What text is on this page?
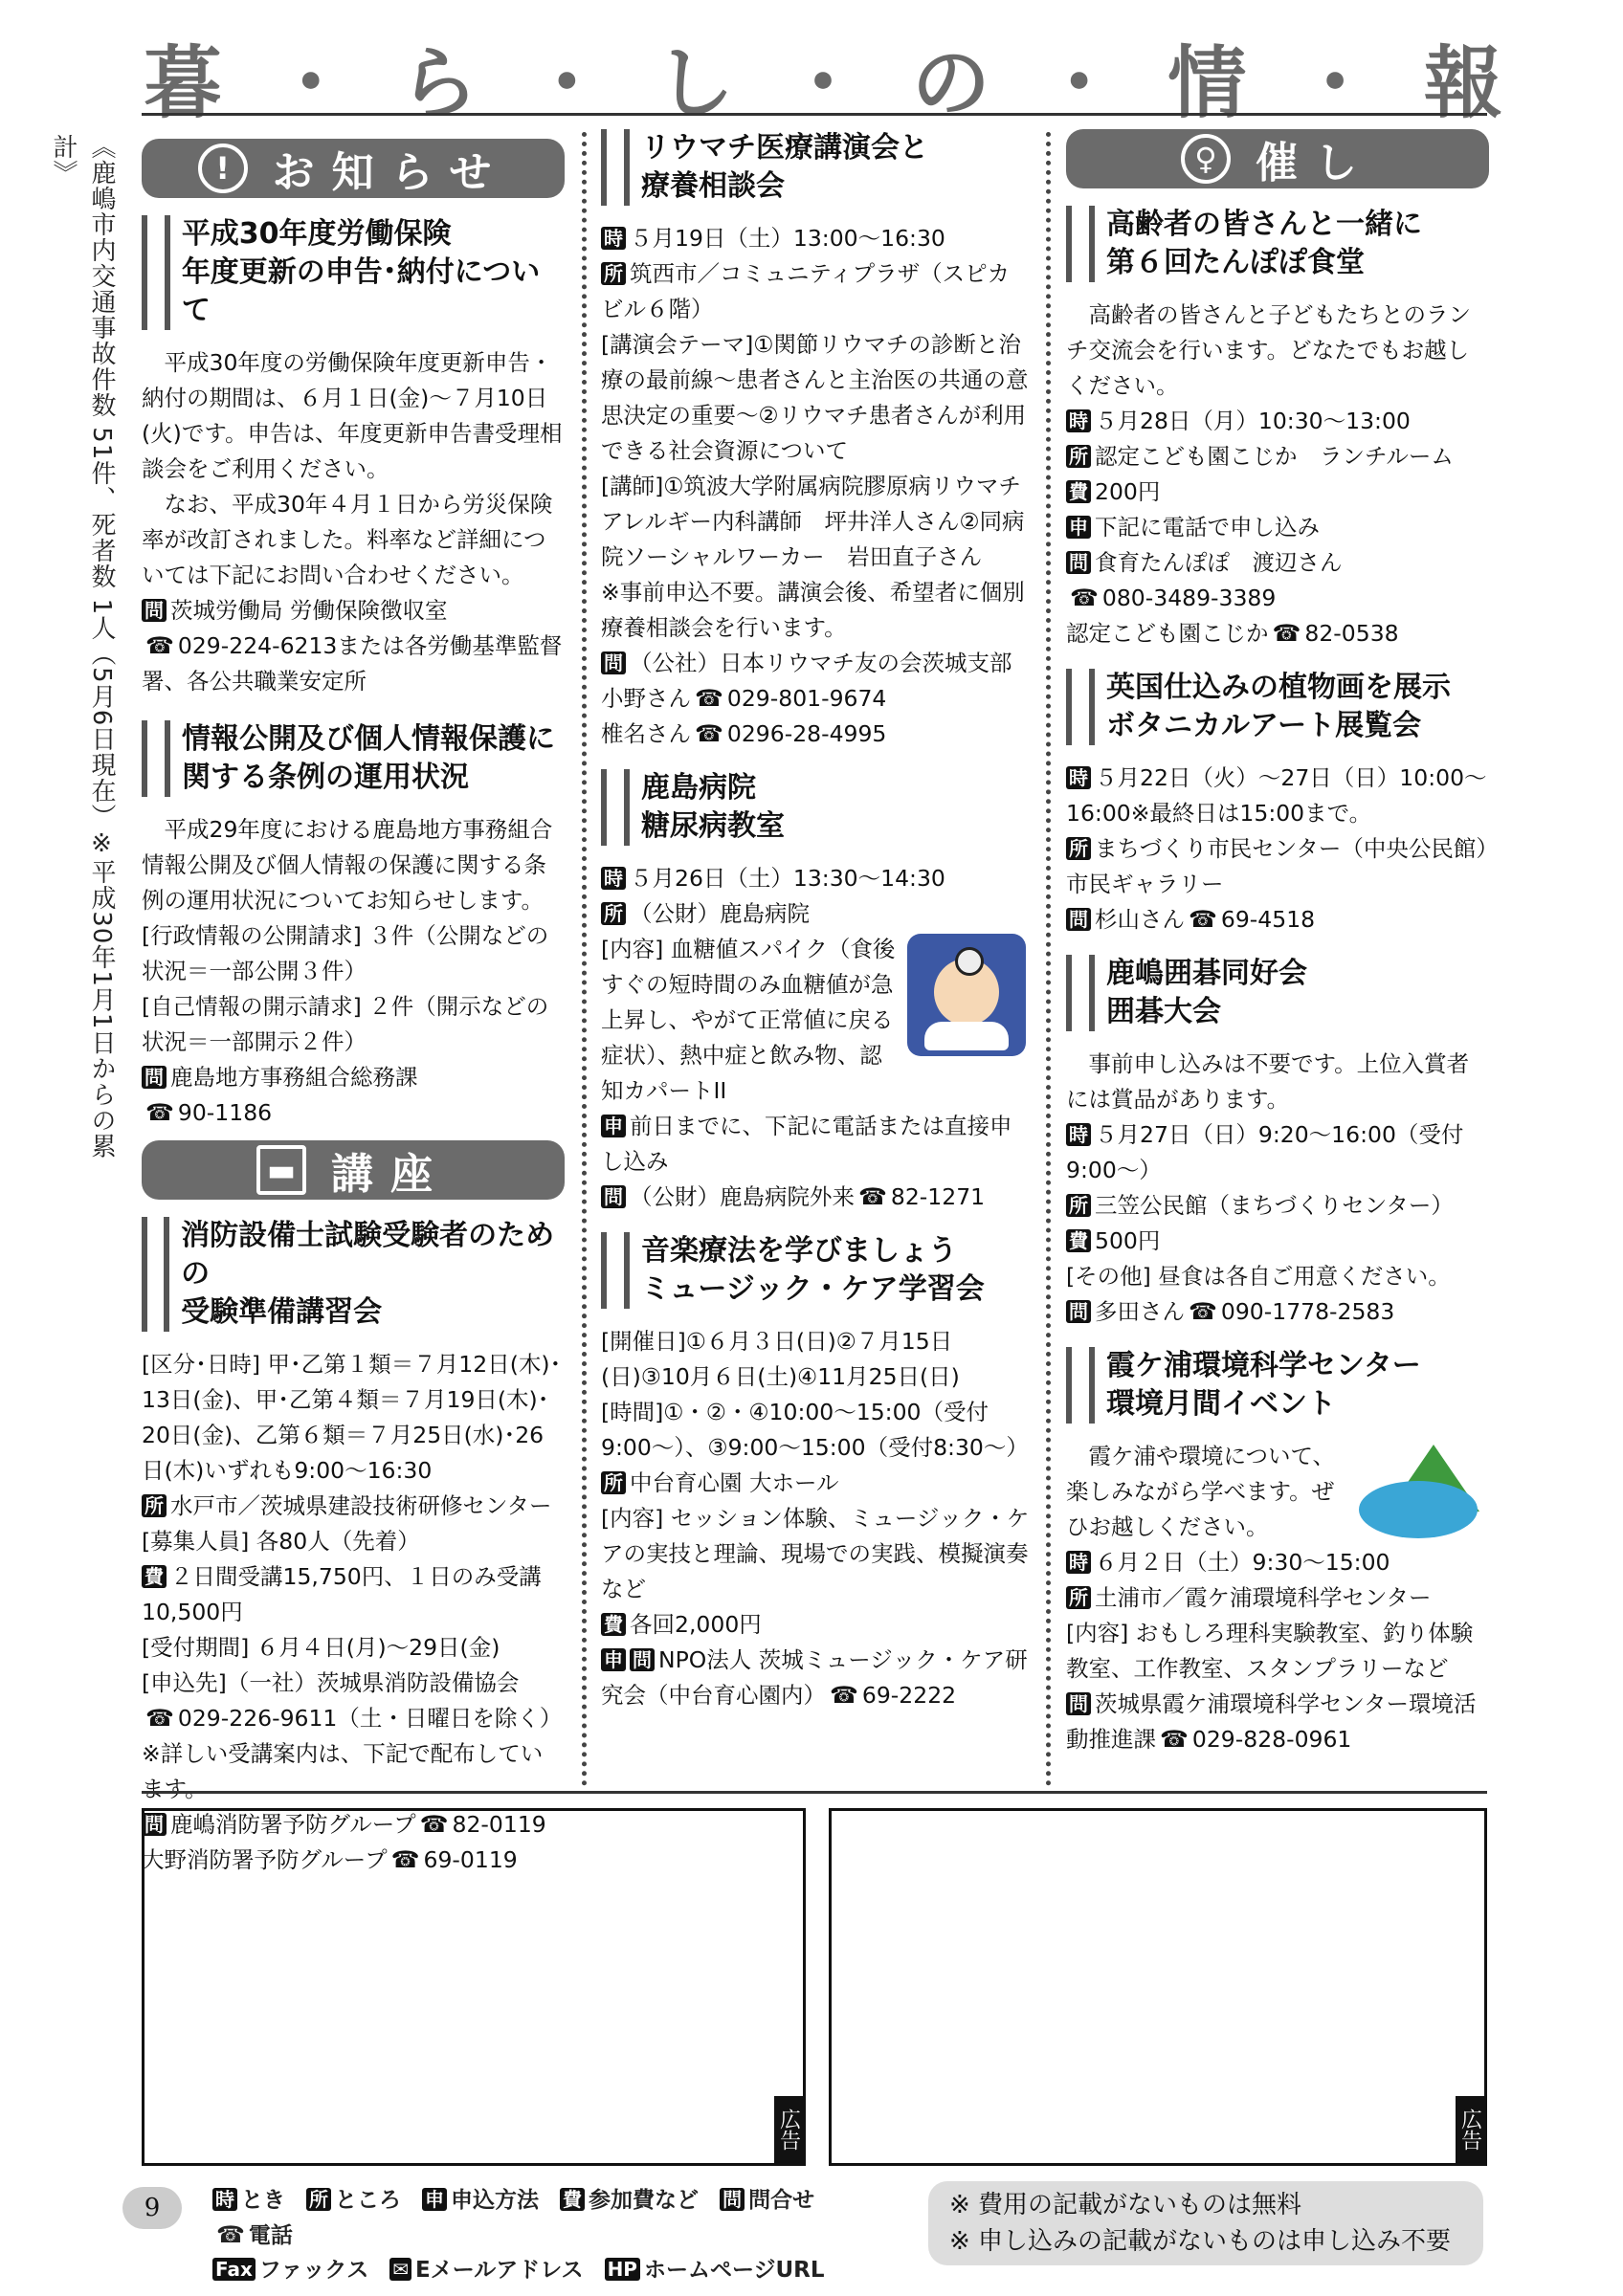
暮 ・ ら ・ し ・ の ・ 情 ・ 報
《鹿嶋市内交通事故件数 51件、死者数 1人（5月6日現在）※平成30年1月1日からの累計》	!	お知らせ
平成30年度労働保険
年度更新の申告･納付について

平成30年度の労働保険年度更新申告・納付の期間は、６月１日(金)～７月10日(火)です。申告は、年度更新申告書受理相談会をご利用ください。

なお、平成30年４月１日から労災保険率が改訂されました。料率など詳細については下記にお問い合わせください。

問 茨城労働局 労働保険徴収室

☎ 029-224-6213または各労働基準監督署、各公共職業安定所

情報公開及び個人情報保護に
関する条例の運用状況

平成29年度における鹿島地方事務組合情報公開及び個人情報の保護に関する条例の運用状況についてお知らせします。

[行政情報の公開請求] ３件（公開などの状況＝一部公開３件）

[自己情報の開示請求] ２件（開示などの状況＝一部開示２件）

問 鹿島地方事務組合総務課

☎ 90-1186

▬ 講座
消防設備士試験受験者のための
受験準備講習会

[区分･日時] 甲･乙第１類＝７月12日(木)･13日(金)、甲･乙第４類＝７月19日(木)･20日(金)、乙第６類＝７月25日(水)･26日(木)いずれも9:00～16:30

所 水戸市／茨城県建設技術研修センター

[募集人員] 各80人（先着）

費 ２日間受講15,750円、１日のみ受講10,500円

[受付期間] ６月４日(月)～29日(金)

[申込先]（一社）茨城県消防設備協会

☎ 029-226-9611（土・日曜日を除く）

※詳しい受講案内は、下記で配布しています。

問 鹿嶋消防署予防グループ ☎ 82-0119

大野消防署予防グループ ☎ 69-0119

リウマチ医療講演会と
療養相談会

時 ５月19日（土）13:00～16:30

所 筑西市／コミュニティプラザ（スピカビル６階）

[講演会テーマ]①関節リウマチの診断と治療の最前線～患者さんと主治医の共通の意思決定の重要～②リウマチ患者さんが利用できる社会資源について

[講師]①筑波大学附属病院膠原病リウマチアレルギー内科講師　坪井洋人さん②同病院ソーシャルワーカー　岩田直子さん

※事前申込不要。講演会後、希望者に個別療養相談会を行います。

問 （公社）日本リウマチ友の会茨城支部

小野さん ☎ 029-801-9674

椎名さん ☎ 0296-28-4995

鹿島病院
糖尿病教室

時 ５月26日（土）13:30～14:30

所 （公財）鹿島病院

[内容] 血糖値スパイク（食後すぐの短時間のみ血糖値が急上昇し、やがて正常値に戻る症状）、熱中症と飲み物、認知カパートII

申 前日までに、下記に電話または直接申し込み

問 （公財）鹿島病院外来 ☎ 82-1271

音楽療法を学びましょう
ミュージック・ケア学習会

[開催日]①６月３日(日)②７月15日(日)③10月６日(土)④11月25日(日)

[時間]①・②・④10:00～15:00（受付 9:00～）、③9:00～15:00（受付8:30～）

所 中台育心園 大ホール

[内容] セッション体験、ミュージック・ケアの実技と理論、現場での実践、模擬演奏など

費 各回2,000円

申 問 NPO法人 茨城ミュージック・ケア研究会（中台育心園内） ☎ 69-2222

♀ 催し
高齢者の皆さんと一緒に
第６回たんぽぽ食堂

高齢者の皆さんと子どもたちとのランチ交流会を行います。どなたでもお越しください。

時 ５月28日（月）10:30～13:00

所 認定こども園こじか　ランチルーム

費 200円

申 下記に電話で申し込み

問 食育たんぽぽ　渡辺さん

☎ 080-3489-3389

認定こども園こじか ☎ 82-0538

英国仕込みの植物画を展示
ボタニカルアート展覧会

時 ５月22日（火）～27日（日）10:00～16:00※最終日は15:00まで。

所 まちづくり市民センター（中央公民館）市民ギャラリー

問 杉山さん ☎ 69-4518

鹿嶋囲碁同好会
囲碁大会

事前申し込みは不要です。上位入賞者には賞品があります。

時 ５月27日（日）9:20～16:00（受付 9:00～）

所 三笠公民館（まちづくりセンター）

費 500円

[その他] 昼食は各自ご用意ください。

問 多田さん ☎ 090-1778-2583

霞ケ浦環境科学センター
環境月間イベント

霞ケ浦や環境について、楽しみながら学べます。ぜひお越しください。

時 ６月２日（土）9:30～15:00

所 土浦市／霞ケ浦環境科学センター

[内容] おもしろ理科実験教室、釣り体験教室、工作教室、スタンプラリーなど

問 茨城県霞ケ浦環境科学センター環境活動推進課 ☎ 029-828-0961

広告	広告
9	時 とき 所 ところ 申 申込方法 費 参加費など 問 問合せ ☎ 電話
Fax ファックス ✉ Eメールアドレス HP ホームページURL
※ 費用の記載がないものは無料
※ 申し込みの記載がないものは申し込み不要
